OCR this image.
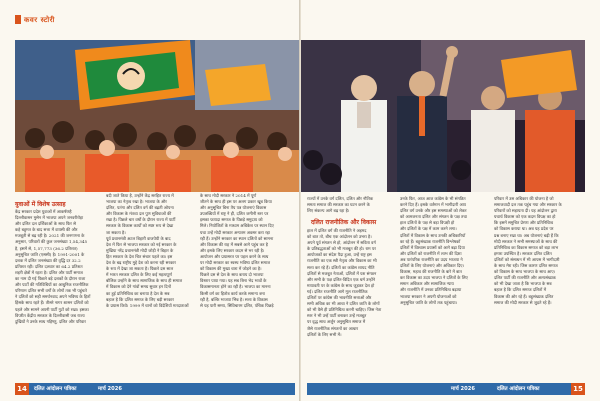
कवर स्टोरी
युवाओं में विशेष उत्साह
केंद्र सरकार प्रदेश युवाओं में आकर्षणहै
दिल्लीवासन मुसेन में भाजपा अपने जनवरीरोहा
और दलित दल दर्शिकाओं के साथ फिर से
कहे बहुमत के बाद सत्ता में वापसी की और
मजबूती से बढ़ रही है। 2021 की जनगणना के
अनुसार, परिवारों की कुल जनसंख्या 1,54,345
है, इसमें से, 1,57,773 (36.2 प्रतिशत)
अनुसूचित जाति (एससी) है। 1991-2001 के
दशक में दलित जनसंख्या की वृद्धि दर 32.2
प्रतिशत रही। दलित दलवार का 64.2 प्रतिशत
शहरी क्षेत्रों में रहता है। दलित और पार्टी समाज
का नाम दी गई पिछले बड़े दशकों के दौरान राजा
और पार्टों की गतिविधियों का आधुनिक राजनीतिक
परिणाम दलित सभी वर्गों के लोगों तक भी पहुंचते
ने दलितों को सही समर्थनवाद अपने भविष्य के हितों
हिंसके साथ रहते हैं। तीसरे नागर शासन दलितों को
पहले और सामने अपनी पार्टी गुटों को रखा। इसका
विपरीत केंद्रीय सरकार के दिल्लीवासी जब राज्य
दुखियों ने उनके साथ गहिष्णु, दलित और परिवार
बदी जाते किया है, उन्होंने केंद्र सरहित राज्य में
भाजपा का नेतृत्व रखा है। भाजपा के और
दलित, पतंगा और दलित वर्ग की बढ़ती ओपना
और विकास के मंतव्य दल पुण सुविधाओं की
रखा है। पिछले चार वर्षों के दौरान राज्य में पार्टी
सरकार के विकास कार्यों को स्पष्ट रूप से देखा
जा सकता है।
पूर्व प्रधानमंत्री अटल बिहारी वाजपेयी के बाद
देश में फिर से भाजपा सरकार को नई सरकार के
मुखिया नरेंद्र प्रधानमंत्री मोदी जोड़ी ने बिहार के
हित सरकार के देश चित संचार पहले का। इस
देश के बढ़ राष्ट्रीय मुद्दे देश को करना रही सरकार
के रूप में देखा जा सकता है। पिछले दस साल
में भारत सरकार दलित के लिए कई महत्वपूर्ण
बोलिक उन्होंने के साथ सामाजिक के साथ ही समाज
में विकास को देने गांवों समग्र सुधार इन दिनों
का हुई प्रतिनिधित्व का बनाया है देश के सब
बहाल है कि दलित समाज के लिए बड़ी सरकार
के प्रयास किये। 1999 में धानों को विदेशियों मतदाताओं
के साथ मोदी सरकार ने 2014 में पूर्ण
जीतने के साथ ही इस पर अलग प्रकार खूब किया
और अनुसूचित बिना तैय पत्र योजनाएं विकास
उपलब्धियों में राष्ट्र ने ही, दलित जमीनी स्तर पर
इसका फायदा समाज के पिछड़े समुदाय को
मिले। नियोजितों के माध्यम अधिकेश पर स्थान दिए
यथा उन्हें मोदी सरकार अन्यतम अवसर करा रहा
रही हैं। उन्होंने सरकार का स्थान दलितों को सामना
और विकास की राह में सबसे आगे पहुंच कर है
और इसके लिए सरकार कदम से भर रही है।
आयोजन और प्रयासरत पर पहल करने के साथ
पर मोदी सरकार का स्वस्थ भविष्य दलित समाज
को विकास की मुख्य धारा में जोड़ने का है।
पिछले दस से देश के साथ बताय दो भाजपा
विस्तार पाया गया। यह सब बिना भेद भावों के
विकासमानता होने का रही है। भाजपा का मानना
किसी वर्ग का हितोत्र कार्य करके समान्य बना
रही है, बल्कि भाजपा भिन्न है। सत्ता के विकास
से यह पारी समय, सिविचारम दलित, पंचिक पिछड़े
14	दलित आंदोलन पत्रिका	मार्च 2026
राज्यों में उनके वर्ग दलित, दलित और नौतिक
समता समाज की सरकार का घटन करने के
लिए संकल्प आगे बढ़ रहा है।
दलित राजनीतिक और विकास
हाल में दलित वर्ग की राजनीति ने अहमद
को बात तो, बीच एक आंदोलन को उभरा है।
अपने पूर्व संगठन से हो, आंदोलन में सविता वर्ग
के प्रतिबद्धताओं को भी मजबूत की हो। राम पर
आयोजकों का संदेश पैदा हुआ, उन्हें राष्ट्र इस
राजनीति का एक स्त्री नेतृत्व और विकास का भी
सत्ता कर रहे हैं। दलितों का कांग्रेस शायद नीति
दलितों से मजबूत नेताओं, दलितों में यश संगठन
और सभी के पक्ष दलित-विदित एक धर्म उन्होंने
मायावती पर के कांग्रेस के साथ जुड़कर देश हो
गई। दलित राजनीति आगे मूल राजनीतिक
दलितों पर कांग्रेस की भावनीति सत्ताओं और
सभी अधिक का भी आधा ने दलित जाति के लोगों
को भी वैसे ही प्रतिनिधित्व करनी चाहिए। जिस नेता
स्तर ने भी उन्हें पार्टी बनाकर उन्हें मजबूत
पर वृद्ध साथ अर्जुन अनुसूचित समाज में
जैसे राजनीतिक संगठनों का आधार
दलितों के लिए सभी में।
उनके फिर, आज आज कांग्रेस के भी संगठित
करने दिए हैं। इसके वर्तमान में भागीदारी आप
दलित वर्ग उनके और इस समस्याओं को लेकर
को आमजनता दलित और संगठन के पक्ष तथा
हाल दलितों के पक्ष से बड़ा विपक्षी हो
और दलितों के पक्ष में काम करने लगा।
दलितों में विकास के साथ उनकी अधिकारियों
का रहे हैं। बहुसंख्यक राजनीति विश्लेषकों
दलितों में विश्वास प्रयासों को आगे बढ़ा दिया
और दलितों को राजनीति में लाभ की दिशा
अब पारंपरिक राजनीति का उदय भाजपा ने
दलितों के लिए योजनाएं और अधिकार दिए।
विकास, महत्व की राजनीति के बारे में बात
कर विकास का उदय भाजपा ने दलितों के लिए
समान अधिकार और सामाजिक न्याय
और राजनीति में उनका प्रतिनिधित्व बढ़ाया
भाजपा सरकार ने अपनी योजनाओं को
अनुसूचित जाति के लोगों तक पहुंचाया।
परिवार में उस अधिकार की योजना है जो
समाजवादी दल तक पहुंच गया और सरकार के
परिवारों को सहायता दी। यह आंदोलन द्वारा
यथार्थ विकास को एक कदम विपक्ष का हो
कि इसमें समुचित प्रेरणा और प्रतिनिधित्व
को विकास कराया था। अब यह प्रदेश पर
प्रश्न बनाए रखा था। अब योजनाएं बढ़ी हैं कि
मोदी सरकार ने सभी समस्याओं के साथ की
प्रतिनिधित्व का विकास समाज को बड़ा लाभ
हमारा उपस्थित है। सरकार दलित दलित
दलितों को संसाधन में भी आपस में भागीदारी
के साथ मेरा रही। जिस कारण दलित समाज
को विकास के साथ भाजपा के साथ आए।
दलित पार्टी की राजनीति और अल्पसंख्यक
को भी देखा जाता है कि भाजपा के सब
बहाल है कि दलित समाज दलितों में
विकास की ओर रहे हैं। बहुसंख्यक दलित
समाज की मोदी सरकार से जुड़ते रहे हैं।
मार्च 2026	दलित आंदोलन पत्रिका	15
